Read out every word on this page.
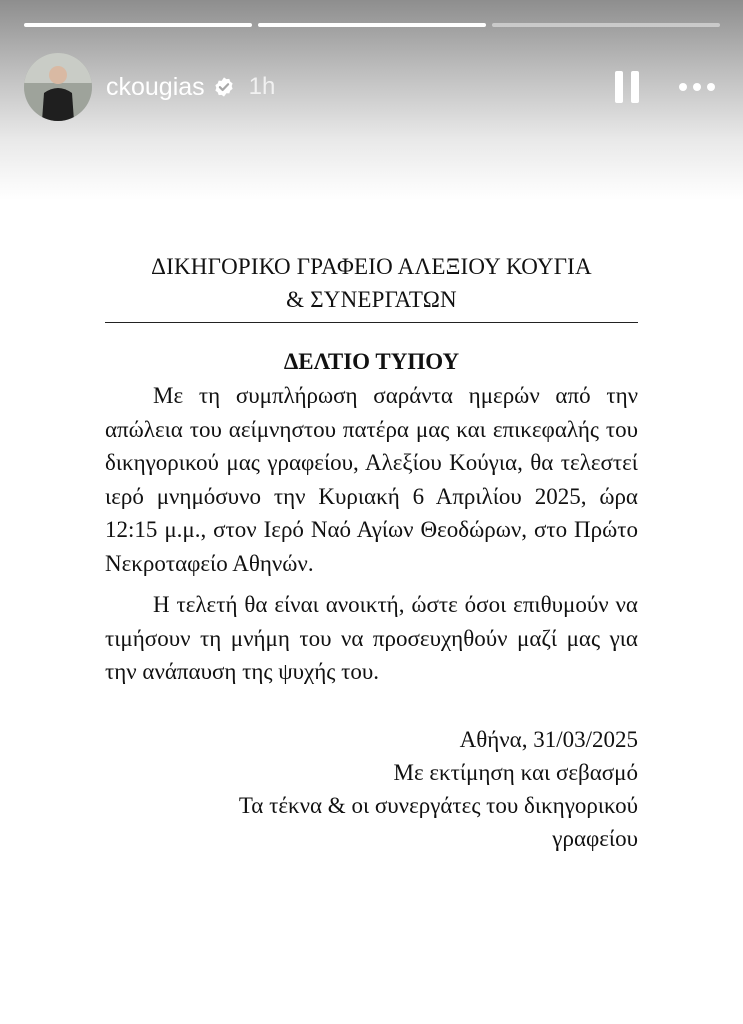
ckougias 1h
ΔΙΚΗΓΟΡΙΚΟ ΓΡΑΦΕΙΟ ΑΛΕΞΙΟΥ ΚΟΥΓΙΑ
& ΣΥΝΕΡΓΑΤΩΝ
ΔΕΛΤΙΟ ΤΥΠΟΥ

Με τη συμπλήρωση σαράντα ημερών από την απώλεια του αείμνηστου πατέρα μας και επικεφαλής του δικηγορικού μας γραφείου, Αλεξίου Κούγια, θα τελεστεί ιερό μνημόσυνο την Κυριακή 6 Απριλίου 2025, ώρα 12:15 μ.μ., στον Ιερό Ναό Αγίων Θεοδώρων, στο Πρώτο Νεκροταφείο Αθηνών.

Η τελετή θα είναι ανοικτή, ώστε όσοι επιθυμούν να τιμήσουν τη μνήμη του να προσευχηθούν μαζί μας για την ανάπαυση της ψυχής του.

Αθήνα, 31/03/2025
Με εκτίμηση και σεβασμό
Τα τέκνα & οι συνεργάτες του δικηγορικού
γραφείου
